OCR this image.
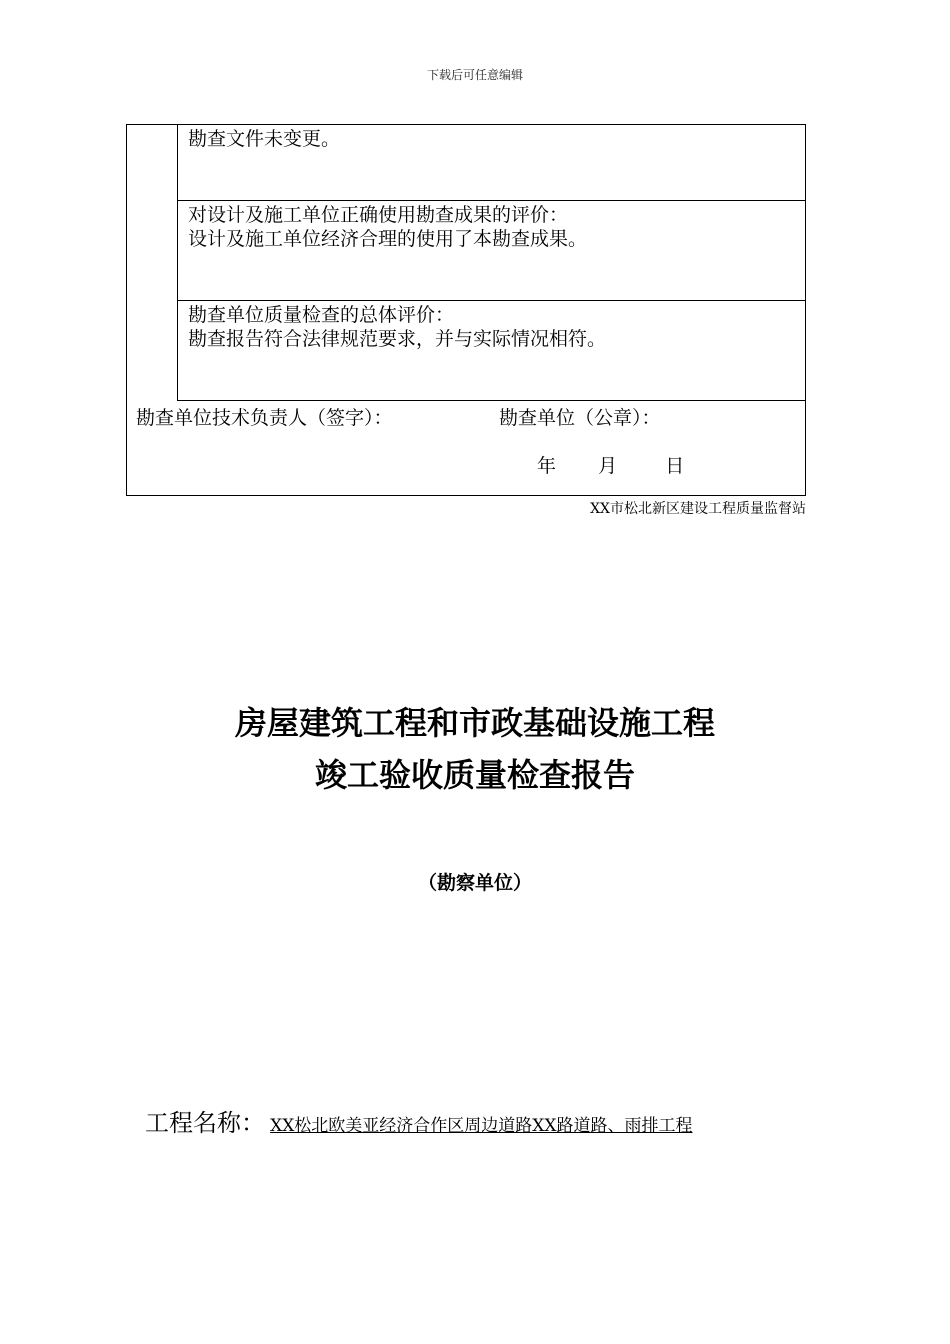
下载后可任意编辑
勘查文件未变更。
对设计及施工单位正确使用勘查成果的评价：
设计及施工单位经济合理的使用了本勘查成果。
勘查单位质量检查的总体评价：
勘查报告符合法律规范要求，并与实际情况相符。
勘查单位技术负责人（签字）：	勘查单位（公章）：
年 月	日
XX市松北新区建设工程质量监督站
房屋建筑工程和市政基础设施工程
竣工验收质量检查报告
（勘察单位）
工程名称： XX松北欧美亚经济合作区周边道路XX路道路、雨排工程
